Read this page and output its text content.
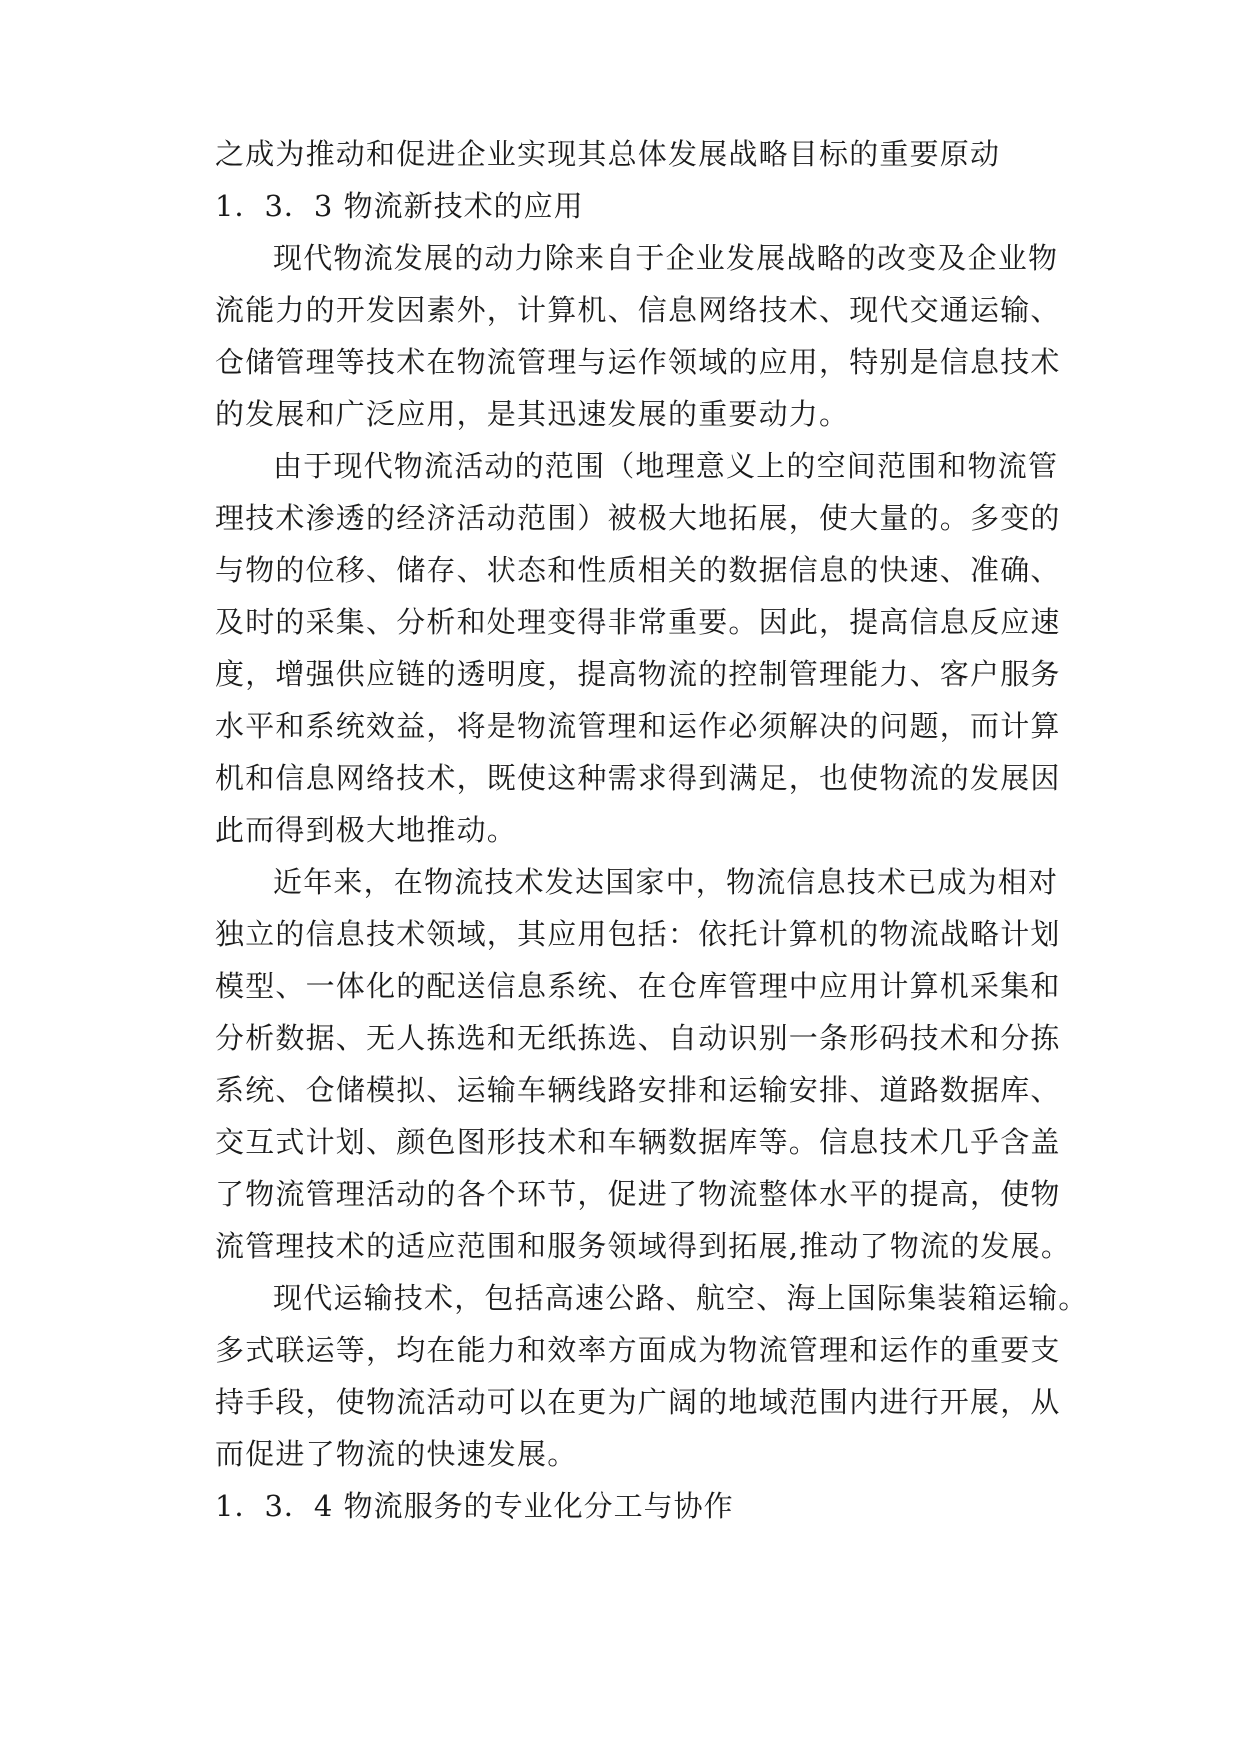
之成为推动和促进企业实现其总体发展战略目标的重要原动
1．3．3 物流新技术的应用
现代物流发展的动力除来自于企业发展战略的改变及企业物
流能力的开发因素外，计算机、信息网络技术、现代交通运输、
仓储管理等技术在物流管理与运作领域的应用，特别是信息技术
的发展和广泛应用，是其迅速发展的重要动力。
由于现代物流活动的范围（地理意义上的空间范围和物流管
理技术渗透的经济活动范围）被极大地拓展，使大量的。多变的
与物的位移、储存、状态和性质相关的数据信息的快速、准确、
及时的采集、分析和处理变得非常重要。因此，提高信息反应速
度，增强供应链的透明度，提高物流的控制管理能力、客户服务
水平和系统效益，将是物流管理和运作必须解决的问题，而计算
机和信息网络技术，既使这种需求得到满足，也使物流的发展因
此而得到极大地推动。
近年来，在物流技术发达国家中，物流信息技术已成为相对
独立的信息技术领域，其应用包括：依托计算机的物流战略计划
模型、一体化的配送信息系统、在仓库管理中应用计算机采集和
分析数据、无人拣选和无纸拣选、自动识别一条形码技术和分拣
系统、仓储模拟、运输车辆线路安排和运输安排、道路数据库、
交互式计划、颜色图形技术和车辆数据库等。信息技术几乎含盖
了物流管理活动的各个环节，促进了物流整体水平的提高，使物
流管理技术的适应范围和服务领域得到拓展,推动了物流的发展。
现代运输技术，包括高速公路、航空、海上国际集装箱运输。
多式联运等，均在能力和效率方面成为物流管理和运作的重要支
持手段，使物流活动可以在更为广阔的地域范围内进行开展，从
而促进了物流的快速发展。
1．3．4 物流服务的专业化分工与协作
